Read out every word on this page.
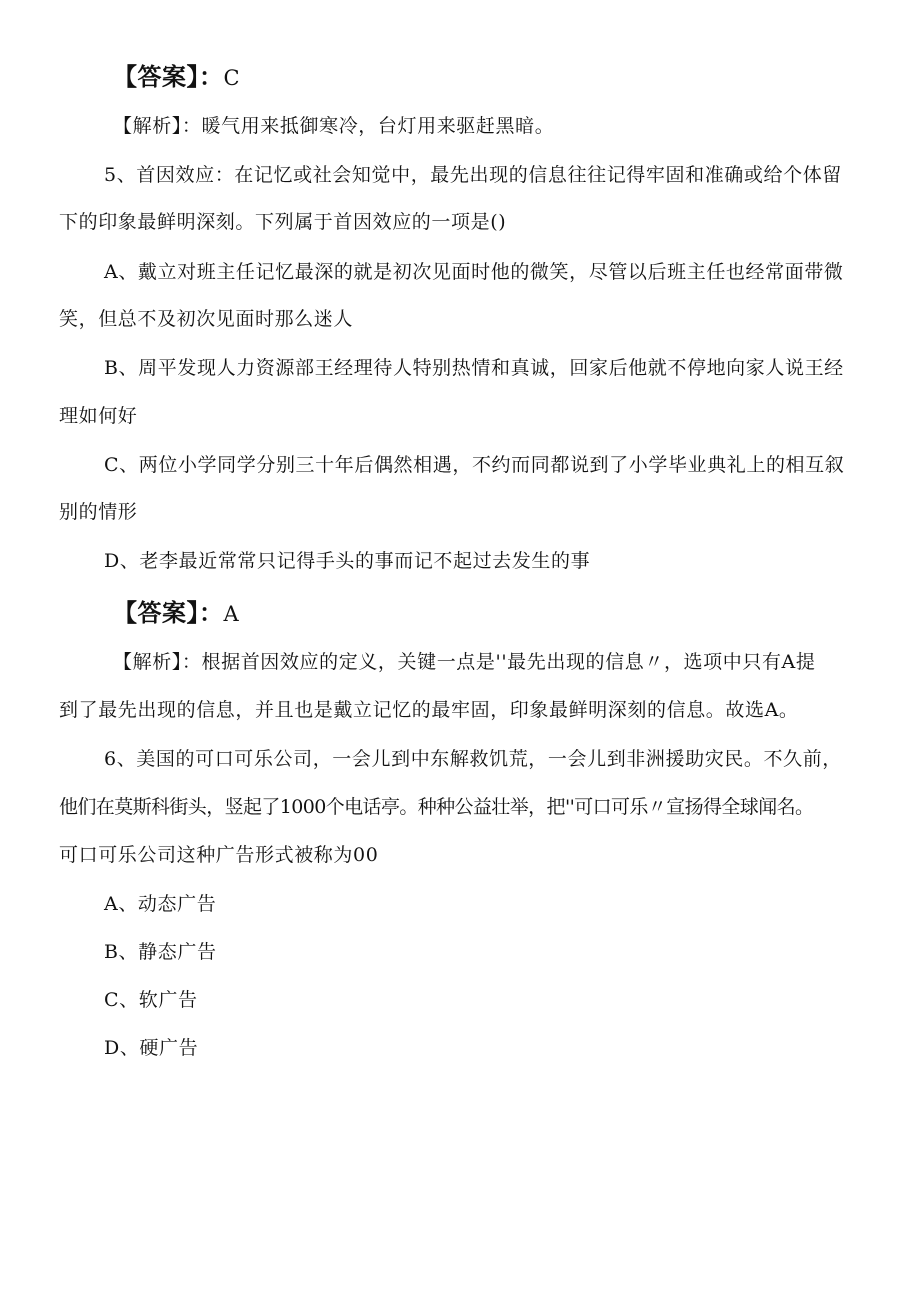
【答案】：C
【解析】：暖气用来抵御寒冷，台灯用来驱赶黑暗。
5、首因效应：在记忆或社会知觉中，最先出现的信息往往记得牢固和准确或给个体留
下的印象最鲜明深刻。下列属于首因效应的一项是()
A、戴立对班主任记忆最深的就是初次见面时他的微笑，尽管以后班主任也经常面带微
笑，但总不及初次见面时那么迷人
B、周平发现人力资源部王经理待人特别热情和真诚，回家后他就不停地向家人说王经
理如何好
C、两位小学同学分别三十年后偶然相遇，不约而同都说到了小学毕业典礼上的相互叙
别的情形
D、老李最近常常只记得手头的事而记不起过去发生的事
【答案】：A
【解析】：根据首因效应的定义，关键一点是''最先出现的信息〃，选项中只有A提
到了最先出现的信息，并且也是戴立记忆的最牢固，印象最鲜明深刻的信息。故选A。
6、美国的可口可乐公司，一会儿到中东解救饥荒，一会儿到非洲援助灾民。不久前，
他们在莫斯科街头，竖起了1000个电话亭。种种公益壮举，把''可口可乐〃宣扬得全球闻名。
可口可乐公司这种广告形式被称为00
A、动态广告
B、静态广告
C、软广告
D、硬广告
